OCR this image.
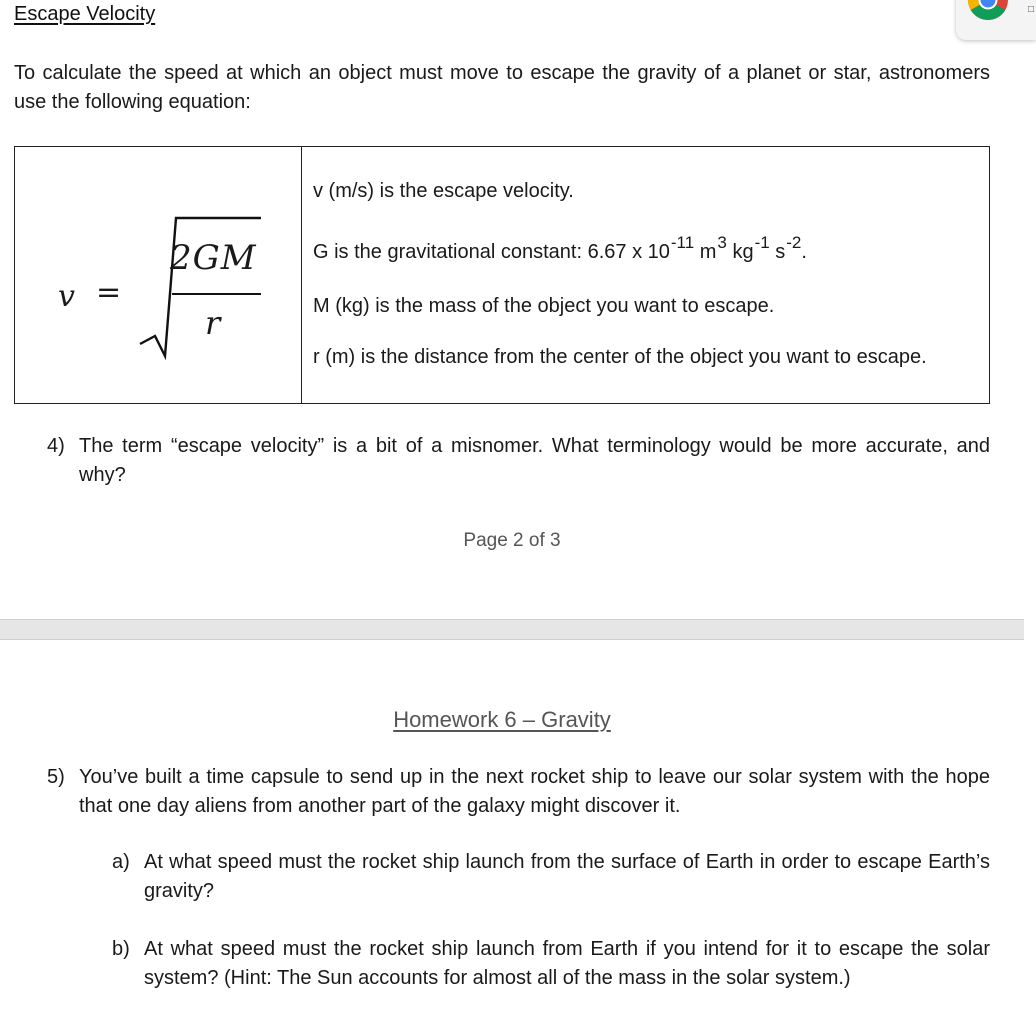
□
Escape Velocity
To calculate the speed at which an object must move to escape the gravity of a planet or star, astronomers use the following equation:
v =
2GM
r
v (m/s) is the escape velocity.
G is the gravitational constant: 6.67 x $10^{-11}$ $m^3$ $kg^{-1}$ $s^{-2}$.
M (kg) is the mass of the object you want to escape.
r (m) is the distance from the center of the object you want to escape.
4) The term “escape velocity” is a bit of a misnomer. What terminology would be more accurate, and why?
Page 2 of 3
Homework 6 – Gravity
5) You’ve built a time capsule to send up in the next rocket ship to leave our solar system with the hope that one day aliens from another part of the galaxy might discover it.
a) At what speed must the rocket ship launch from the surface of Earth in order to escape Earth’s gravity?
b) At what speed must the rocket ship launch from Earth if you intend for it to escape the solar system? (Hint: The Sun accounts for almost all of the mass in the solar system.)
